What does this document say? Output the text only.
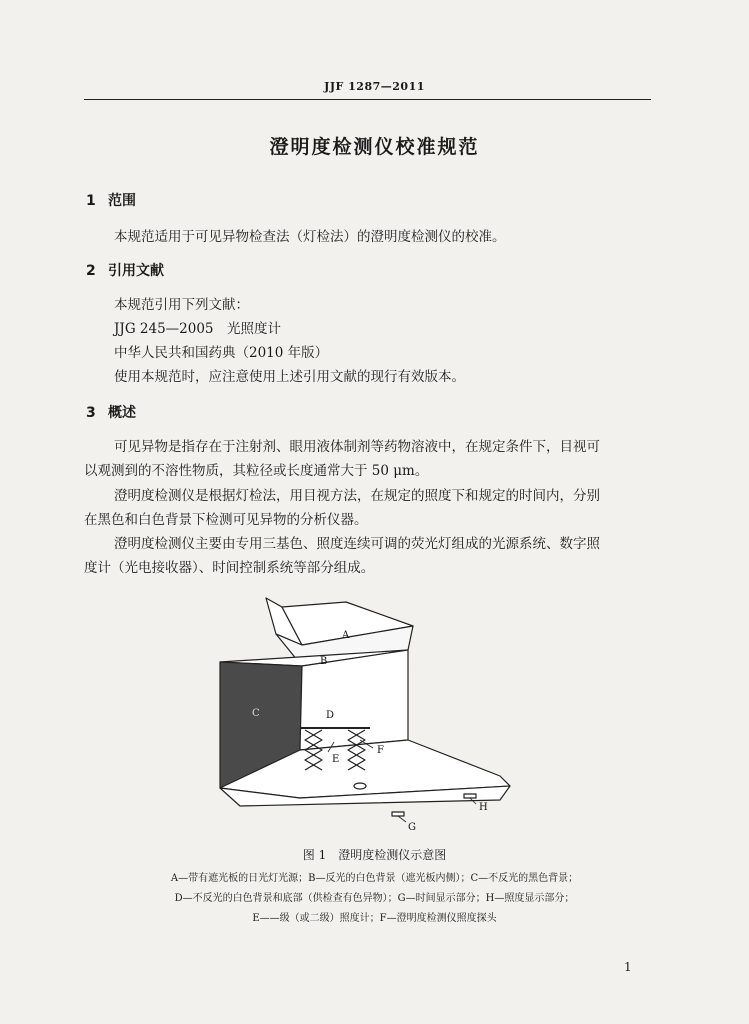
JJF 1287—2011
澄明度检测仪校准规范
1 范围
本规范适用于可见异物检查法（灯检法）的澄明度检测仪的校准。
2 引用文献
本规范引用下列文献：
JJG 245—2005　光照度计
中华人民共和国药典（2010 年版）
使用本规范时，应注意使用上述引用文献的现行有效版本。
3 概述
可见异物是指存在于注射剂、眼用液体制剂等药物溶液中，在规定条件下，目视可
以观测到的不溶性物质，其粒径或长度通常大于 50 μm。
澄明度检测仪是根据灯检法，用目视方法，在规定的照度下和规定的时间内，分别
在黑色和白色背景下检测可见异物的分析仪器。
澄明度检测仪主要由专用三基色、照度连续可调的荧光灯组成的光源系统、数字照
度计（光电接收器）、时间控制系统等部分组成。
A
B
C	D
E
F
G
H
图 1　澄明度检测仪示意图
A—带有遮光板的日光灯光源；B—反光的白色背景（遮光板内侧）；C—不反光的黑色背景；
D—不反光的白色背景和底部（供检查有色异物）；G—时间显示部分；H—照度显示部分；
E——级（或二级）照度计；F—澄明度检测仪照度探头
1
